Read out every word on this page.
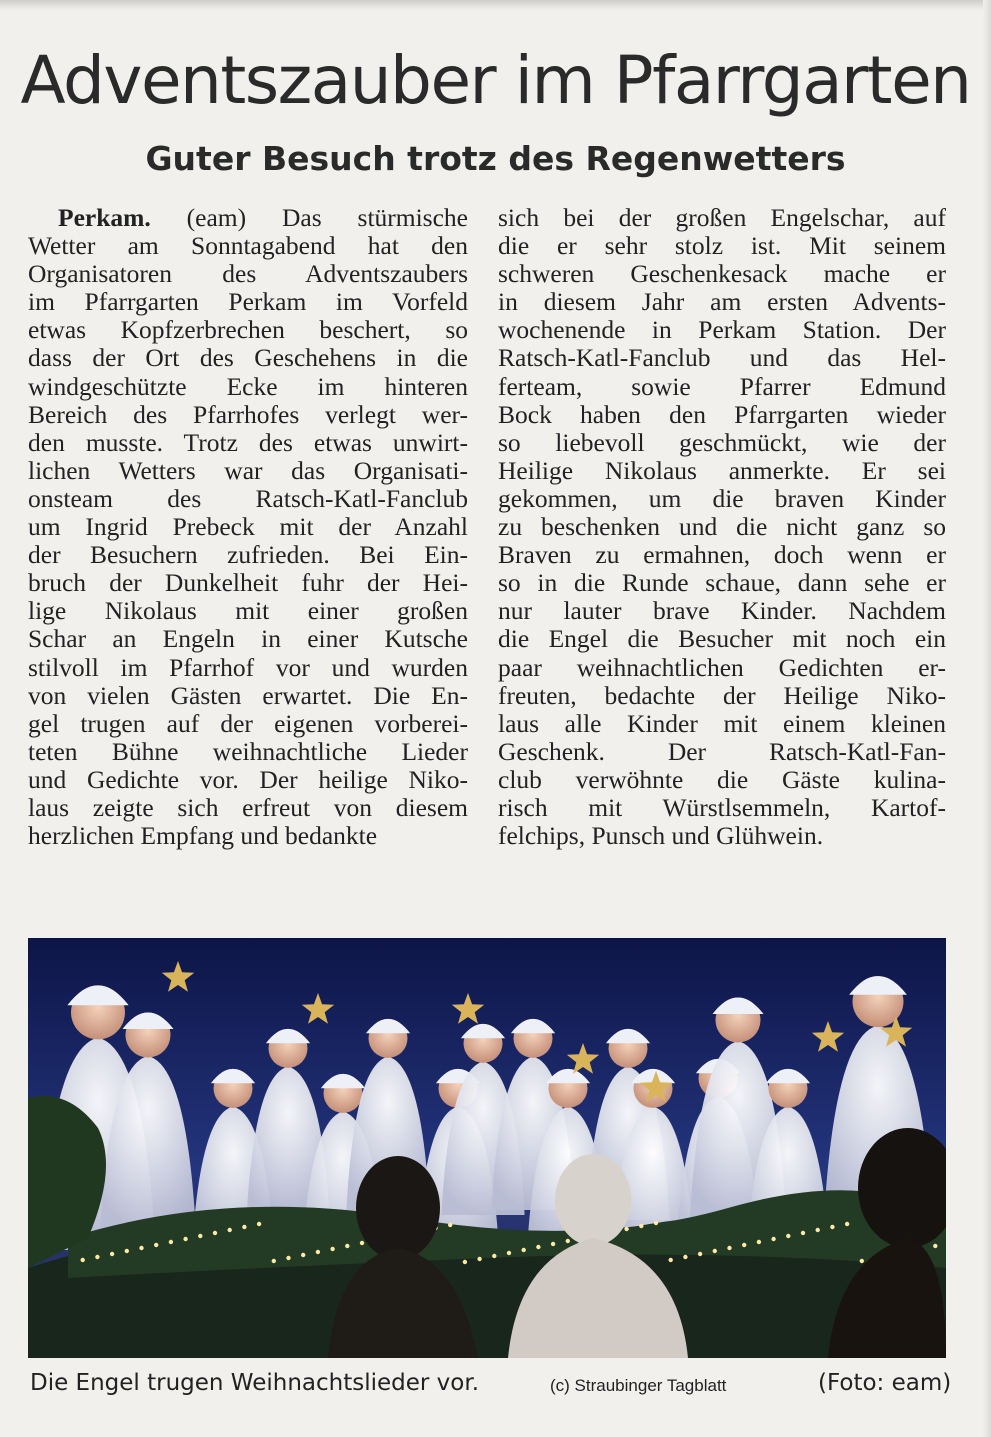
Adventszauber im Pfarrgarten
Guter Besuch trotz des Regenwetters
Perkam. (eam) Das stürmische
Wetter am Sonntagabend hat den
Organisatoren des Adventszaubers
im Pfarrgarten Perkam im Vorfeld
etwas Kopfzerbrechen beschert, so
dass der Ort des Geschehens in die
windgeschützte Ecke im hinteren
Bereich des Pfarrhofes verlegt wer-
den musste. Trotz des etwas unwirt-
lichen Wetters war das Organisati-
onsteam des Ratsch-Katl-Fanclub
um Ingrid Prebeck mit der Anzahl
der Besuchern zufrieden. Bei Ein-
bruch der Dunkelheit fuhr der Hei-
lige Nikolaus mit einer großen
Schar an Engeln in einer Kutsche
stilvoll im Pfarrhof vor und wurden
von vielen Gästen erwartet. Die En-
gel trugen auf der eigenen vorberei-
teten Bühne weihnachtliche Lieder
und Gedichte vor. Der heilige Niko-
laus zeigte sich erfreut von diesem
herzlichen Empfang und bedankte
sich bei der großen Engelschar, auf
die er sehr stolz ist. Mit seinem
schweren Geschenkesack mache er
in diesem Jahr am ersten Advents-
wochenende in Perkam Station. Der
Ratsch-Katl-Fanclub und das Hel-
ferteam, sowie Pfarrer Edmund
Bock haben den Pfarrgarten wieder
so liebevoll geschmückt, wie der
Heilige Nikolaus anmerkte. Er sei
gekommen, um die braven Kinder
zu beschenken und die nicht ganz so
Braven zu ermahnen, doch wenn er
so in die Runde schaue, dann sehe er
nur lauter brave Kinder. Nachdem
die Engel die Besucher mit noch ein
paar weihnachtlichen Gedichten er-
freuten, bedachte der Heilige Niko-
laus alle Kinder mit einem kleinen
Geschenk. Der Ratsch-Katl-Fan-
club verwöhnte die Gäste kulina-
risch mit Würstlsemmeln, Kartof-
felchips, Punsch und Glühwein.
Die Engel trugen Weihnachtslieder vor.	(c) Straubinger Tagblatt	(Foto: eam)
